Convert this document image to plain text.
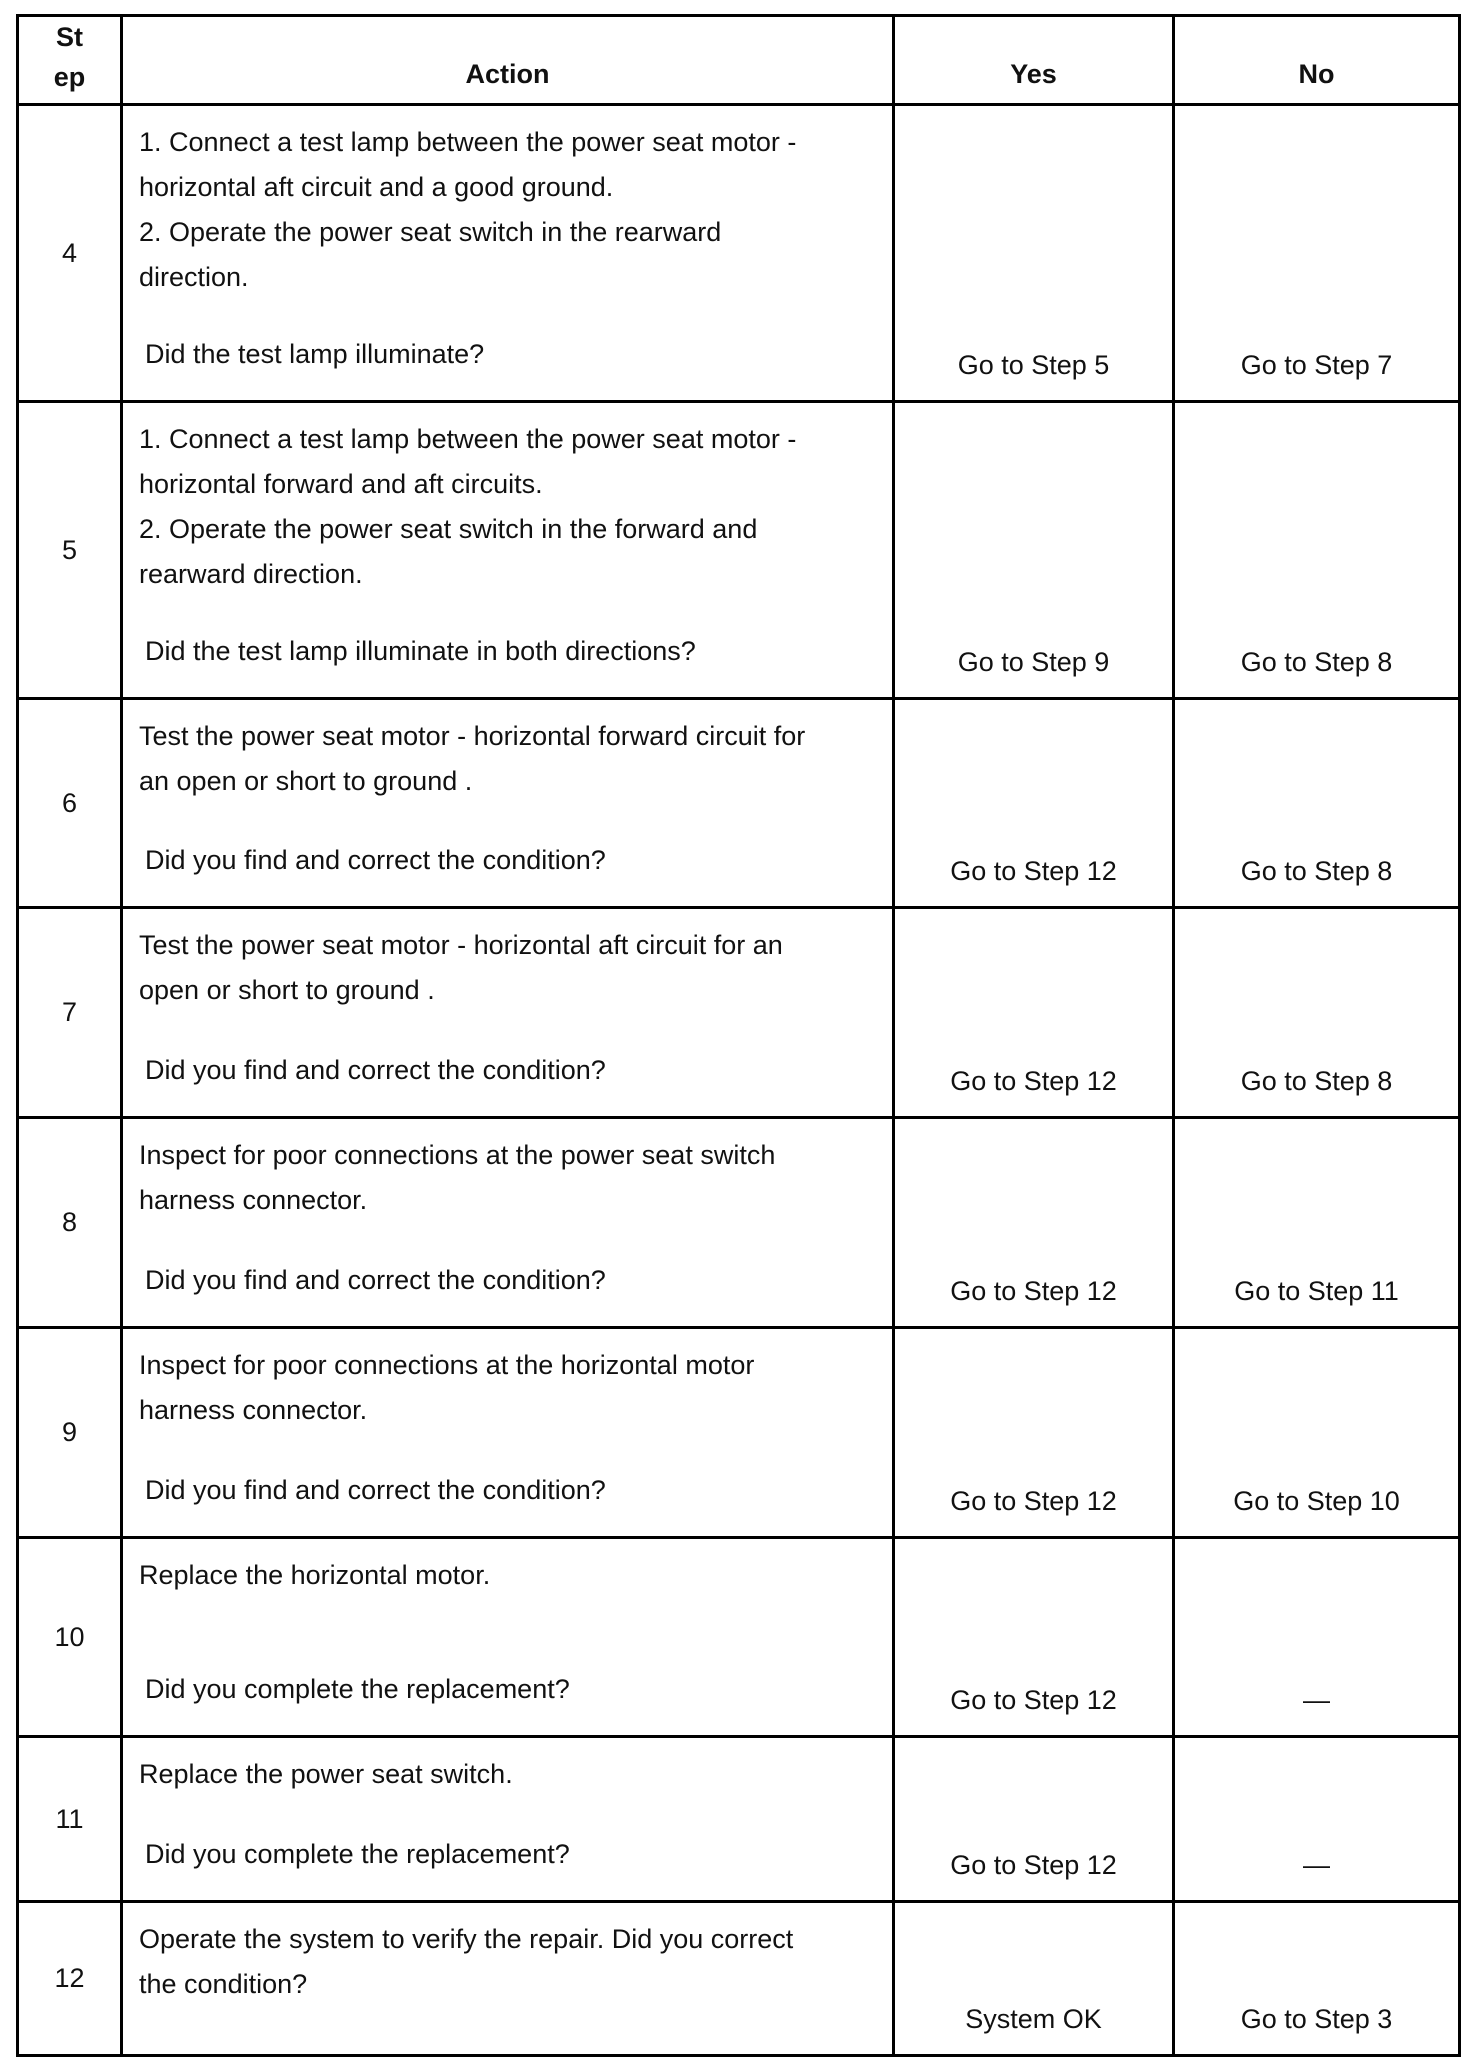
St
ep	Action	Yes	No
4	1. Connect a test lamp between the power seat motor -
horizontal aft circuit and a good ground.
2. Operate the power seat switch in the rearward
direction.
Did the test lamp illuminate?	Go to Step 5	Go to Step 7
5	1. Connect a test lamp between the power seat motor -
horizontal forward and aft circuits.
2. Operate the power seat switch in the forward and
rearward direction.
Did the test lamp illuminate in both directions?	Go to Step 9	Go to Step 8
6	Test the power seat motor - horizontal forward circuit for
an open or short to ground .
Did you find and correct the condition?	Go to Step 12	Go to Step 8
7	Test the power seat motor - horizontal aft circuit for an
open or short to ground .
Did you find and correct the condition?	Go to Step 12	Go to Step 8
8	Inspect for poor connections at the power seat switch
harness connector.
Did you find and correct the condition?	Go to Step 12	Go to Step 11
9	Inspect for poor connections at the horizontal motor
harness connector.
Did you find and correct the condition?	Go to Step 12	Go to Step 10
10	Replace the horizontal motor.
Did you complete the replacement?	Go to Step 12	—
11	Replace the power seat switch.
Did you complete the replacement?	Go to Step 12	—
12	Operate the system to verify the repair. Did you correct
the condition?	System OK	Go to Step 3
